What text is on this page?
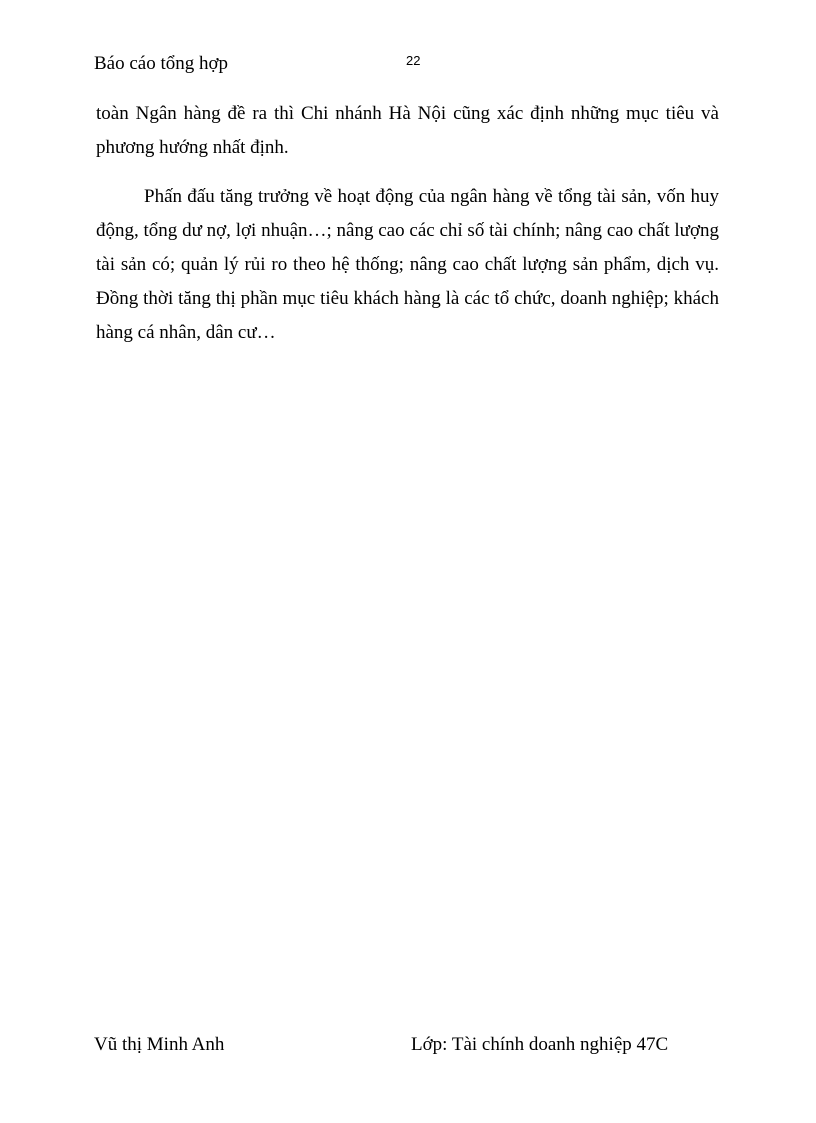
Báo cáo tổng hợp	22

toàn Ngân hàng đề ra thì Chi nhánh Hà Nội cũng xác định những mục tiêu và phương hướng nhất định.

Phấn đấu tăng trưởng về hoạt động của ngân hàng về tổng tài sản, vốn huy động, tổng dư nợ, lợi nhuận…; nâng cao các chỉ số tài chính; nâng cao chất lượng tài sản có; quản lý rủi ro theo hệ thống; nâng cao chất lượng sản phẩm, dịch vụ. Đồng thời tăng thị phần mục tiêu khách hàng là các tổ chức, doanh nghiệp; khách hàng cá nhân, dân cư…

Vũ thị Minh Anh	Lớp: Tài chính doanh nghiệp 47C
